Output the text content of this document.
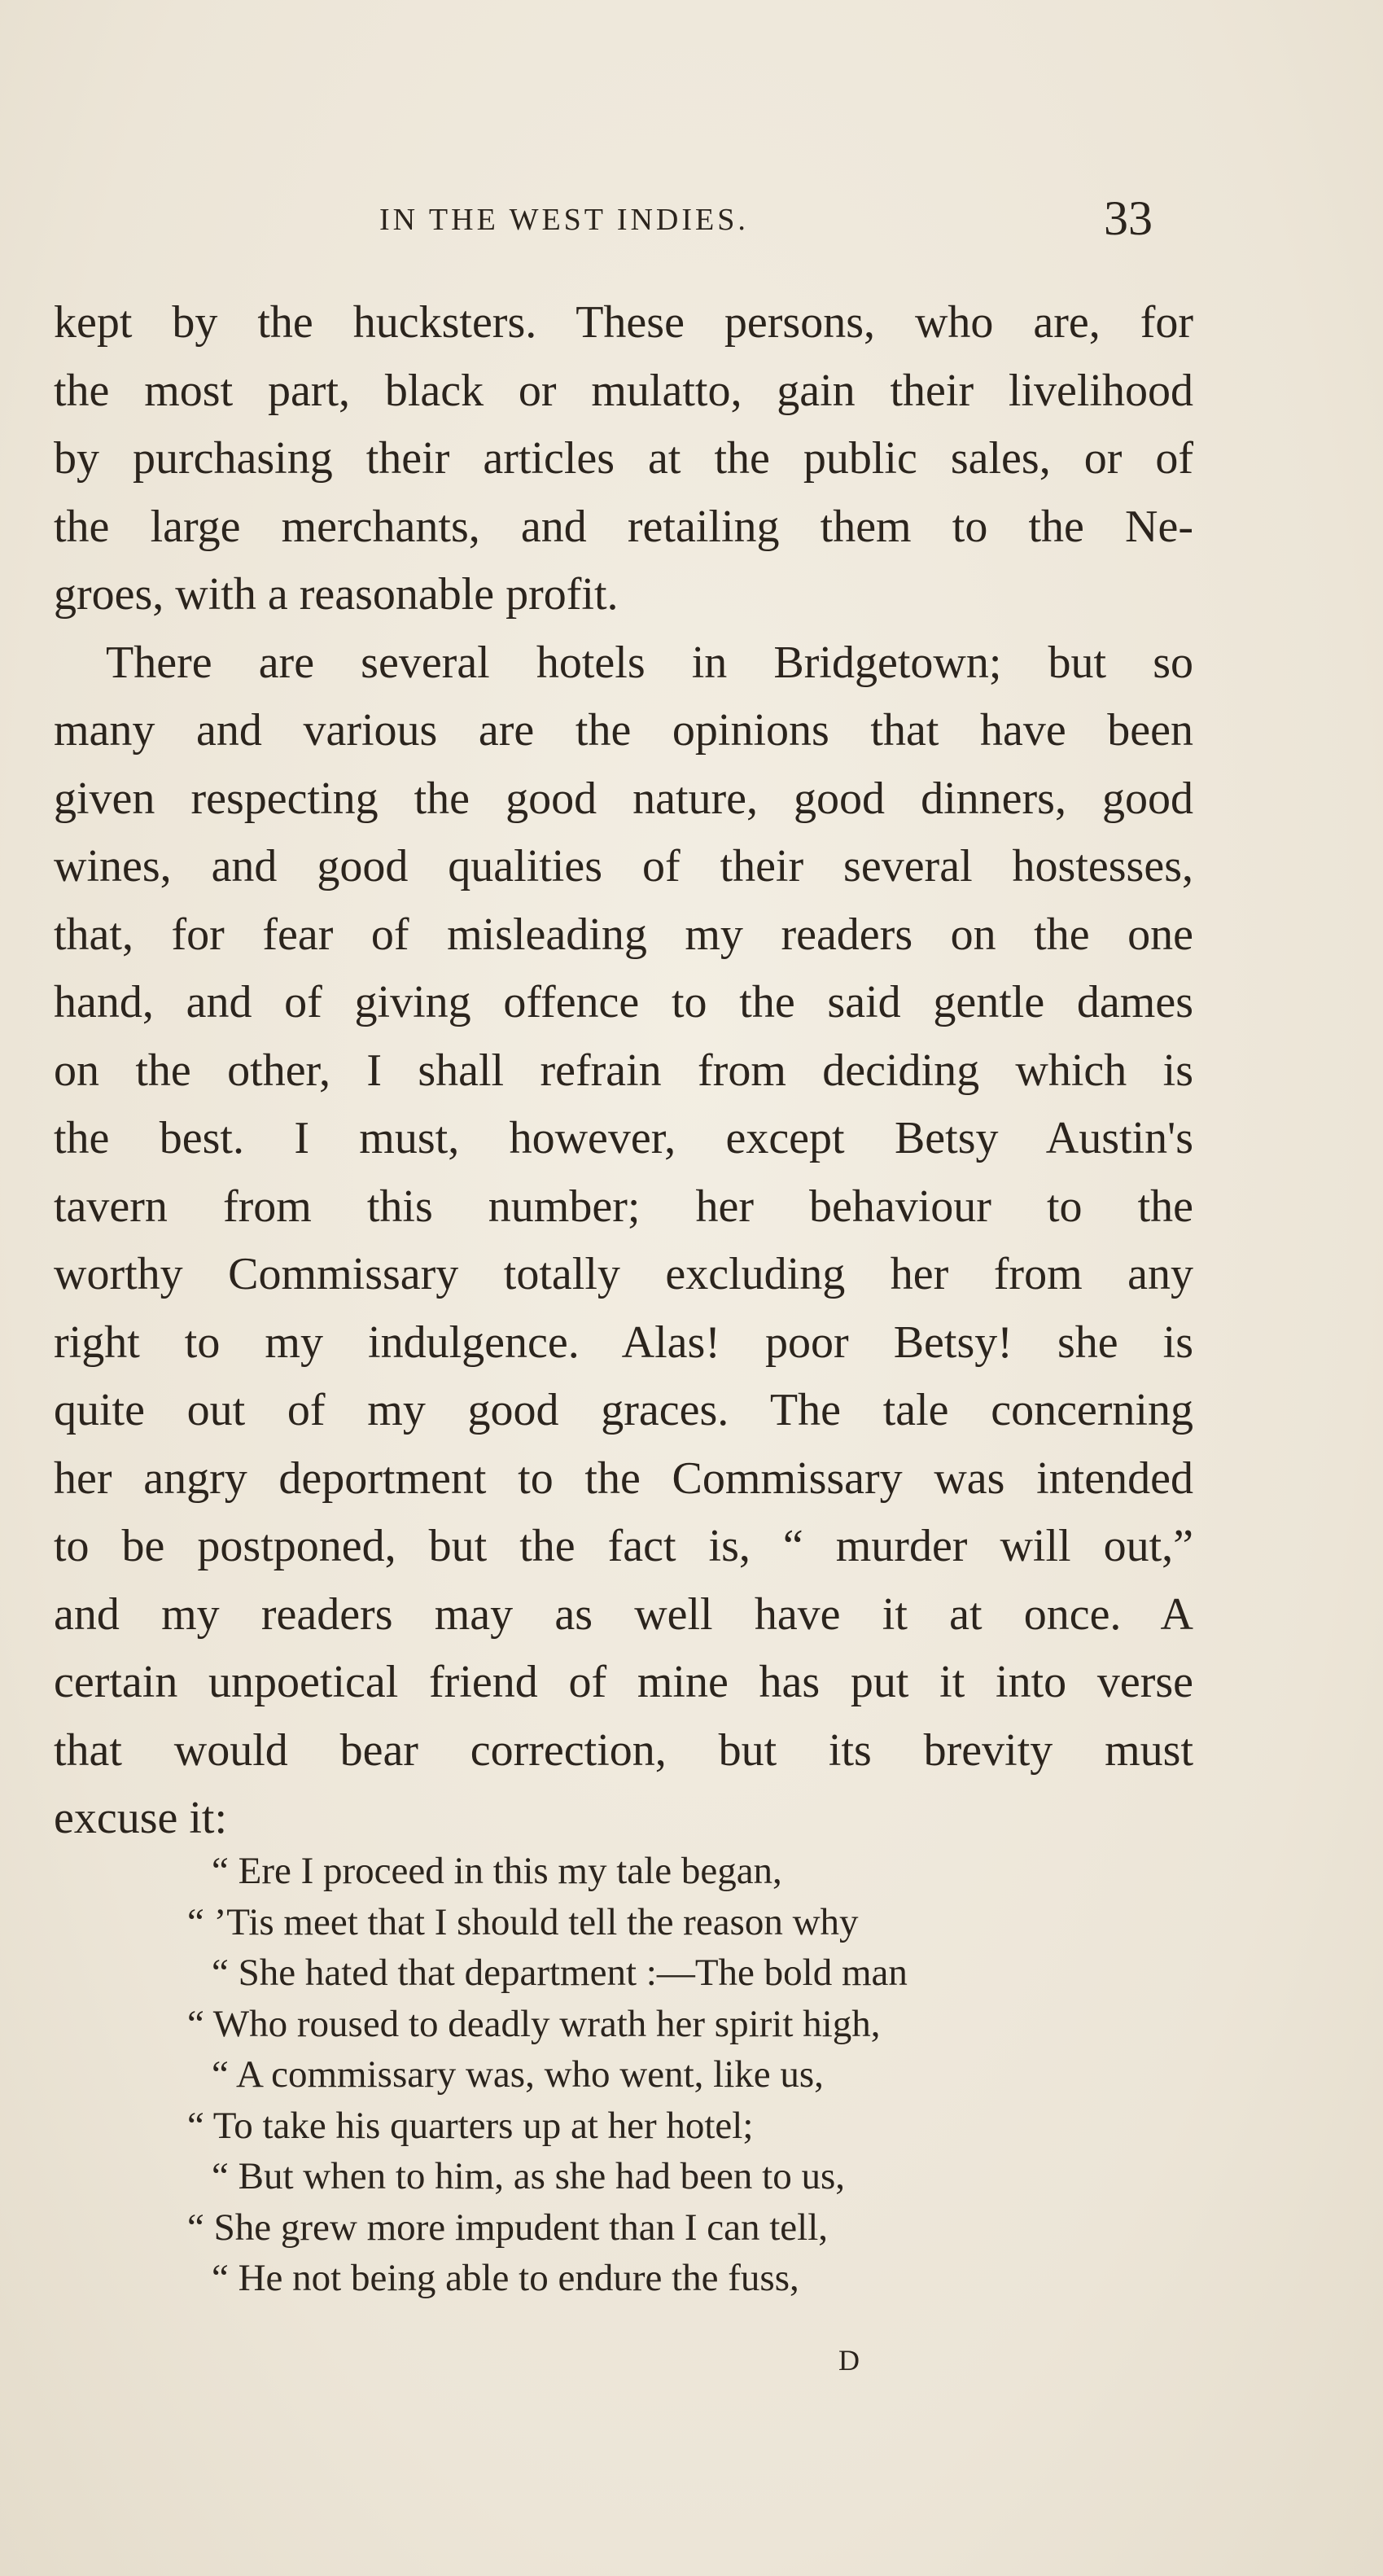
IN THE WEST INDIES.	33
kept by the hucksters. These persons, who are, for
the most part, black or mulatto, gain their livelihood
by purchasing their articles at the public sales, or of
the large merchants, and retailing them to the Ne-
groes, with a reasonable profit.
There are several hotels in Bridgetown; but so
many and various are the opinions that have been
given respecting the good nature, good dinners, good
wines, and good qualities of their several hostesses,
that, for fear of misleading my readers on the one
hand, and of giving offence to the said gentle dames
on the other, I shall refrain from deciding which is
the best. I must, however, except Betsy Austin's
tavern from this number; her behaviour to the
worthy Commissary totally excluding her from any
right to my indulgence. Alas! poor Betsy! she is
quite out of my good graces. The tale concerning
her angry deportment to the Commissary was intended
to be postponed, but the fact is, “ murder will out,”
and my readers may as well have it at once. A
certain unpoetical friend of mine has put it into verse
that would bear correction, but its brevity must
excuse it:
“ Ere I proceed in this my tale began,
“ ’Tis meet that I should tell the reason why
“ She hated that department :—The bold man
“ Who roused to deadly wrath her spirit high,
“ A commissary was, who went, like us,
“ To take his quarters up at her hotel;
“ But when to him, as she had been to us,
“ She grew more impudent than I can tell,
“ He not being able to endure the fuss,
D
